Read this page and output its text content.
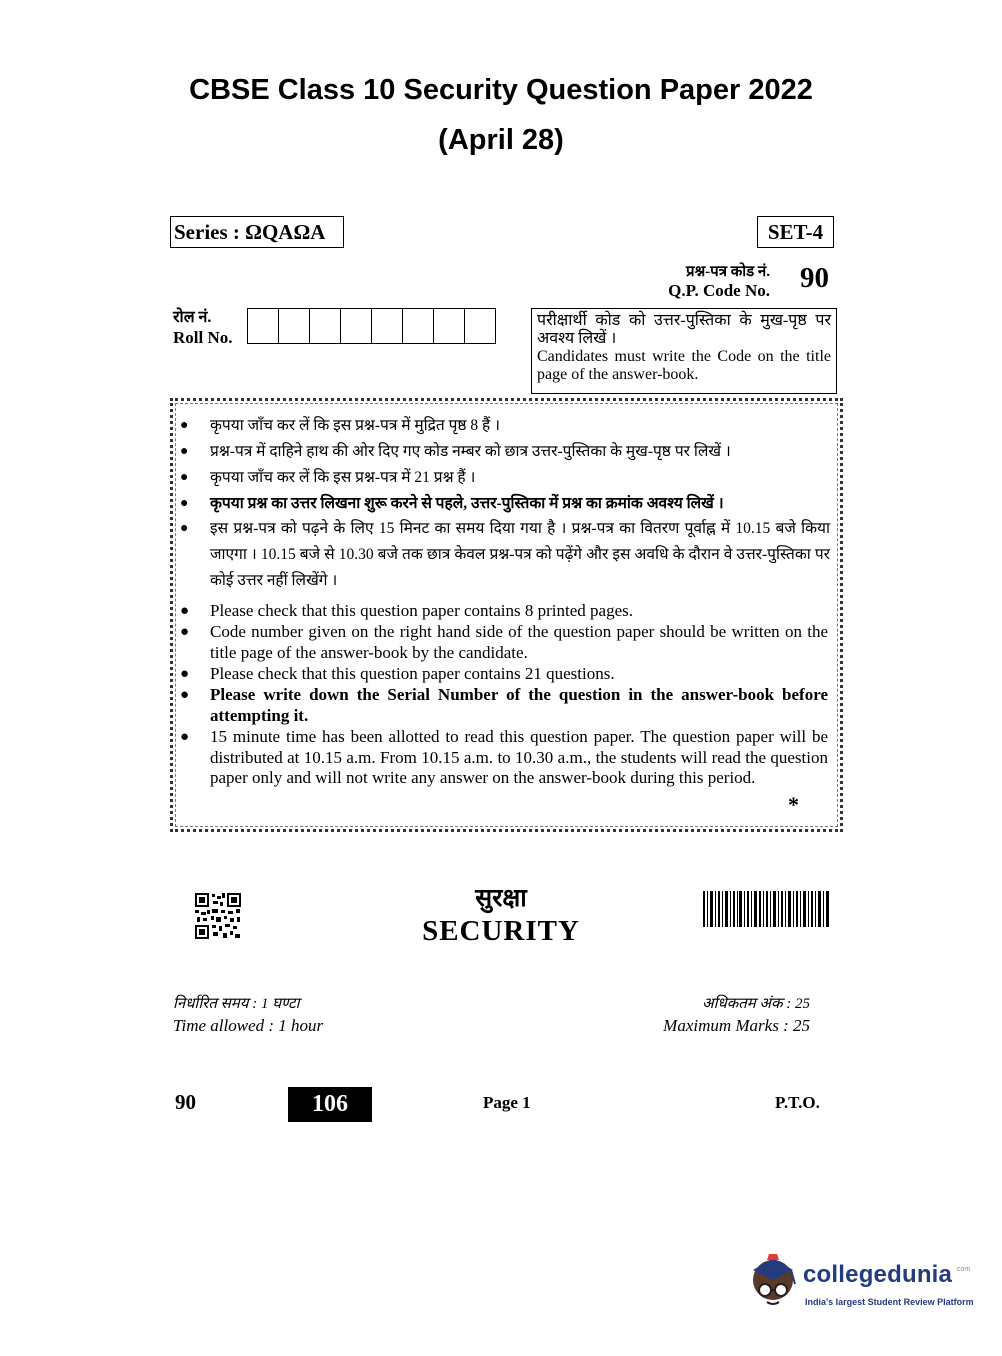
CBSE Class 10 Security Question Paper 2022
(April 28)
Series : ΩQAΩA	SET-4
प्रश्न-पत्र कोड नं.
Q.P. Code No. 90
रोल नं.
Roll No.
परीक्षार्थी कोड को उत्तर-पुस्तिका के मुख-पृष्ठ पर अवश्य लिखें ।
Candidates must write the Code on the title page of the answer-book.
● कृपया जाँच कर लें कि इस प्रश्न-पत्र में मुद्रित पृष्ठ 8 हैं ।
● प्रश्न-पत्र में दाहिने हाथ की ओर दिए गए कोड नम्बर को छात्र उत्तर-पुस्तिका के मुख-पृष्ठ पर लिखें ।
● कृपया जाँच कर लें कि इस प्रश्न-पत्र में 21 प्रश्न हैं ।
● कृपया प्रश्न का उत्तर लिखना शुरू करने से पहले, उत्तर-पुस्तिका में प्रश्न का क्रमांक अवश्य लिखें ।
● इस प्रश्न-पत्र को पढ़ने के लिए 15 मिनट का समय दिया गया है । प्रश्न-पत्र का वितरण पूर्वाह्न में 10.15 बजे किया जाएगा । 10.15 बजे से 10.30 बजे तक छात्र केवल प्रश्न-पत्र को पढ़ेंगे और इस अवधि के दौरान वे उत्तर-पुस्तिका पर कोई उत्तर नहीं लिखेंगे ।
● Please check that this question paper contains 8 printed pages.
● Code number given on the right hand side of the question paper should be written on the title page of the answer-book by the candidate.
● Please check that this question paper contains 21 questions.
● Please write down the Serial Number of the question in the answer-book before attempting it.
● 15 minute time has been allotted to read this question paper. The question paper will be distributed at 10.15 a.m. From 10.15 a.m. to 10.30 a.m., the students will read the question paper only and will not write any answer on the answer-book during this period.
*
सुरक्षा
SECURITY
निर्धारित समय : 1 घण्टा
Time allowed : 1 hour
अधिकतम अंक : 25
Maximum Marks : 25
90	106	Page 1	P.T.O.
collegedunia .com
India's largest Student Review Platform
